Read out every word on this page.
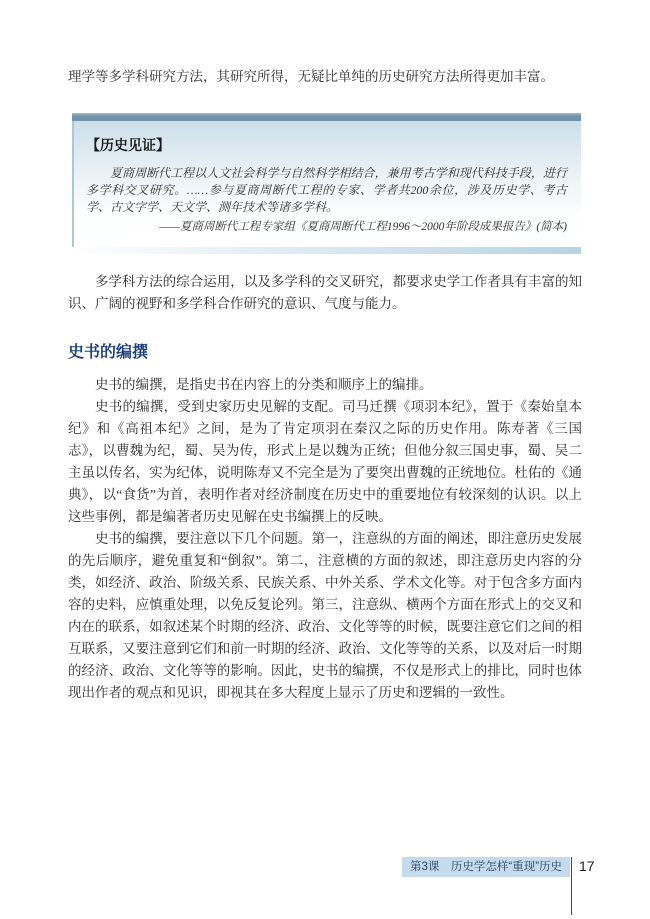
理学等多学科研究方法，其研究所得，无疑比单纯的历史研究方法所得更加丰富。

【历史见证】

夏商周断代工程以人文社会科学与自然科学相结合，兼用考古学和现代科技手段，进行多学科交叉研究。……参与夏商周断代工程的专家、学者共200余位，涉及历史学、考古学、古文字学、天文学、测年技术等诸多学科。

——夏商周断代工程专家组《夏商周断代工程1996～2000年阶段成果报告》(简本)

多学科方法的综合运用，以及多学科的交叉研究，都要求史学工作者具有丰富的知识、广阔的视野和多学科合作研究的意识、气度与能力。

史书的编撰

史书的编撰，是指史书在内容上的分类和顺序上的编排。

史书的编撰，受到史家历史见解的支配。司马迁撰《项羽本纪》，置于《秦始皇本纪》和《高祖本纪》之间，是为了肯定项羽在秦汉之际的历史作用。陈寿著《三国志》，以曹魏为纪，蜀、吴为传，形式上是以魏为正统；但他分叙三国史事，蜀、吴二主虽以传名，实为纪体，说明陈寿又不完全是为了要突出曹魏的正统地位。杜佑的《通典》，以“食货”为首，表明作者对经济制度在历史中的重要地位有较深刻的认识。以上这些事例，都是编著者历史见解在史书编撰上的反映。

史书的编撰，要注意以下几个问题。第一，注意纵的方面的阐述，即注意历史发展的先后顺序，避免重复和“倒叙”。第二，注意横的方面的叙述，即注意历史内容的分类，如经济、政治、阶级关系、民族关系、中外关系、学术文化等。对于包含多方面内容的史料，应慎重处理，以免反复论列。第三，注意纵、横两个方面在形式上的交叉和内在的联系，如叙述某个时期的经济、政治、文化等等的时候，既要注意它们之间的相互联系，又要注意到它们和前一时期的经济、政治、文化等等的关系，以及对后一时期的经济、政治、文化等等的影响。因此，史书的编撰，不仅是形式上的排比，同时也体现出作者的观点和见识，即视其在多大程度上显示了历史和逻辑的一致性。

第3课　历史学怎样“重现”历史	17
